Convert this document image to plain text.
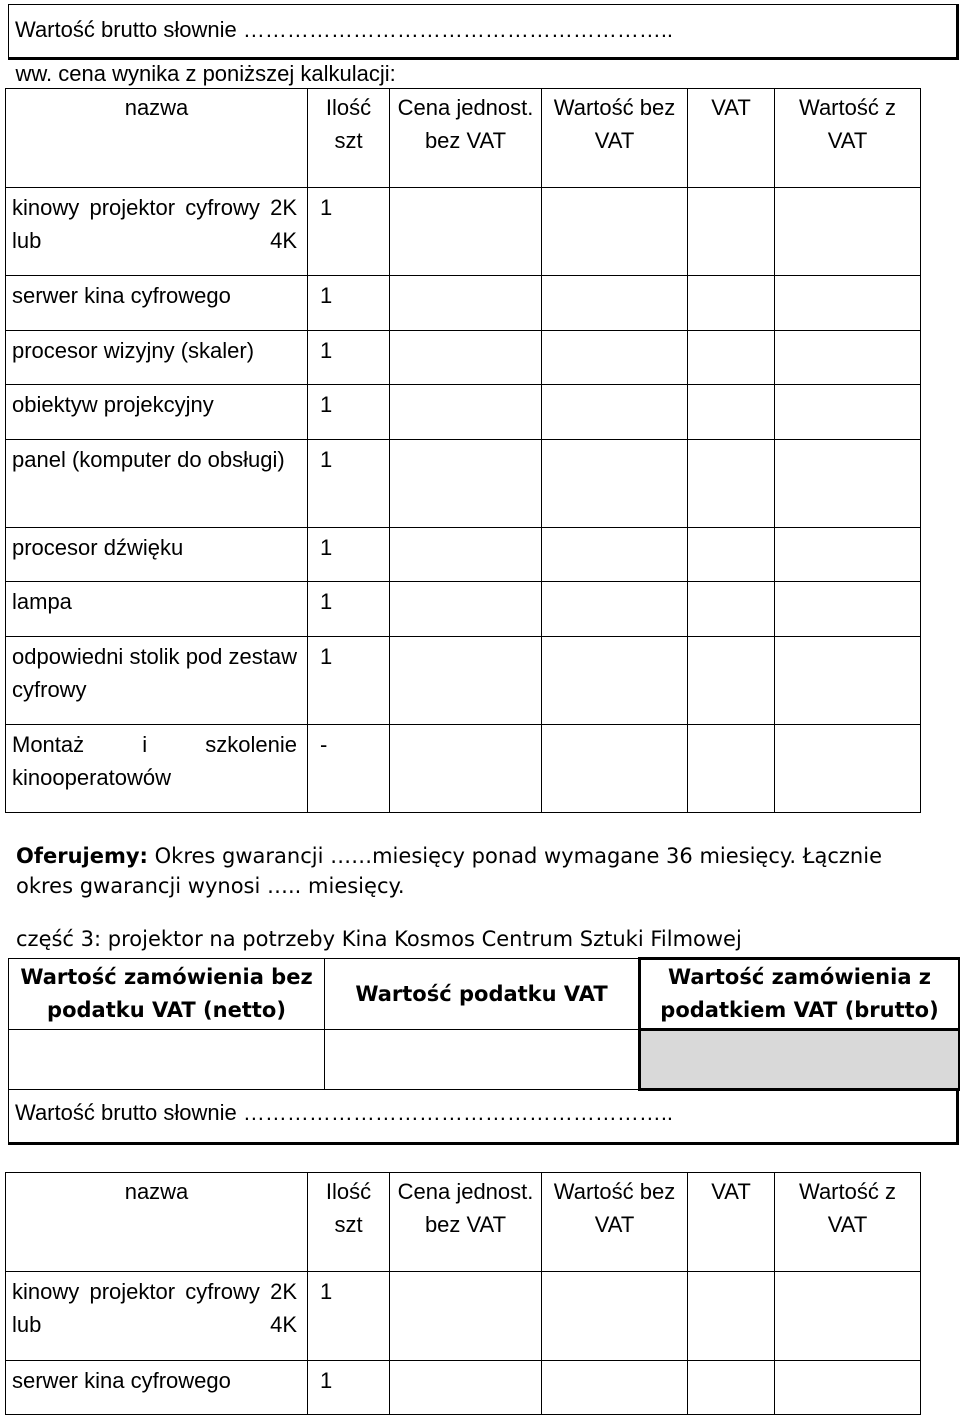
Wartość brutto słownie …………………………………………………..
ww. cena wynika z poniższej kalkulacji:					
nazwa	Ilość szt	Cena jednost. bez VAT	Wartość bez VAT	VAT	Wartość z VAT
kinowy projektor cyfrowy 2K lub 4K	1				
serwer kina cyfrowego	1				
procesor wizyjny (skaler)	1				
obiektyw projekcyjny	1				
panel (komputer do obsługi)	1				
procesor dźwięku	1				
lampa	1				
odpowiedni stolik pod zestaw cyfrowy	1				
Montaż i szkolenie kinooperatowów	-				
Oferujemy: Okres gwarancji ……miesięcy ponad wymagane 36 miesięcy. Łącznie
okres gwarancji wynosi ….. miesięcy.
część 3: projektor na potrzeby Kina Kosmos Centrum Sztuki Filmowej
Wartość zamówienia bez podatku VAT (netto)	Wartość podatku VAT	Wartość zamówienia z podatkiem VAT (brutto)

Wartość brutto słownie …………………………………………………..
nazwa	Ilość szt	Cena jednost. bez VAT	Wartość bez VAT	VAT	Wartość z VAT
kinowy projektor cyfrowy 2K lub 4K	1				
serwer kina cyfrowego	1				
